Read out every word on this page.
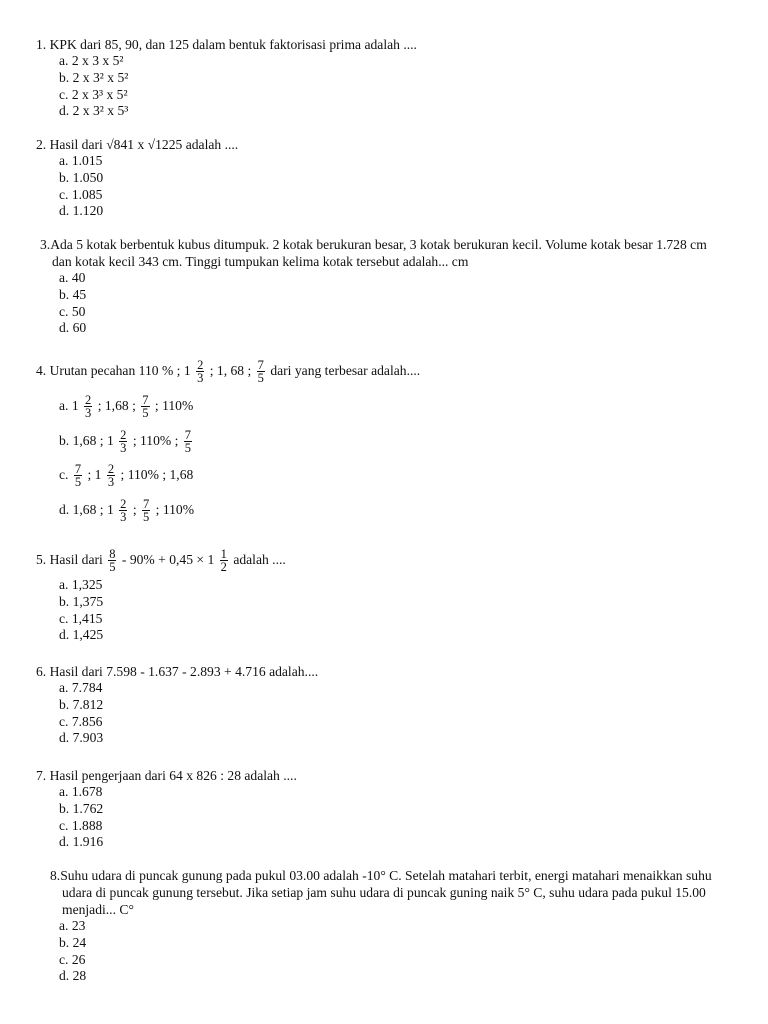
1. KPK dari 85, 90, dan 125 dalam bentuk faktorisasi prima adalah ....
a. 2 x 3 x 5²
b. 2 x 3² x 5²
c. 2 x 3³ x 5²
d. 2 x 3² x 5³
2. Hasil dari √841 x √1225 adalah ....
a. 1.015
b. 1.050
c. 1.085
d. 1.120
3.Ada 5 kotak berbentuk kubus ditumpuk. 2 kotak berukuran besar, 3 kotak berukuran kecil. Volume kotak besar 1.728 cm dan kotak kecil 343 cm. Tinggi tumpukan kelima kotak tersebut adalah... cm
a. 40
b. 45
c. 50
d. 60
4. Urutan pecahan 110 % ; $1 \frac{2}{3}$ ; 1, 68 ; $\frac{7}{5}$ dari yang terbesar adalah....
a. $1 \frac{2}{3}$ ; 1,68 ; $\frac{7}{5}$ ; 110%
b. 1,68 ; $1 \frac{2}{3}$ ; 110% ; $\frac{7}{5}$
c. $\frac{7}{5}$ ; $1 \frac{2}{3}$ ; 110% ; 1,68
d. 1,68 ; $1 \frac{2}{3}$ ; $\frac{7}{5}$ ; 110%
5. Hasil dari $\frac{8}{5} - 90\% + 0,45 \times 1 \frac{1}{2}$ adalah ....
a. 1,325
b. 1,375
c. 1,415
d. 1,425
6. Hasil dari 7.598 - 1.637 - 2.893 + 4.716 adalah....
a. 7.784
b. 7.812
c. 7.856
d. 7.903
7. Hasil pengerjaan dari 64 x 826 : 28 adalah ....
a. 1.678
b. 1.762
c. 1.888
d. 1.916
8.Suhu udara di puncak gunung pada pukul 03.00 adalah -10° C. Setelah matahari terbit, energi matahari menaikkan suhu udara di puncak gunung tersebut. Jika setiap jam suhu udara di puncak guning naik 5° C, suhu udara pada pukul 15.00 menjadi... C°
a. 23
b. 24
c. 26
d. 28
